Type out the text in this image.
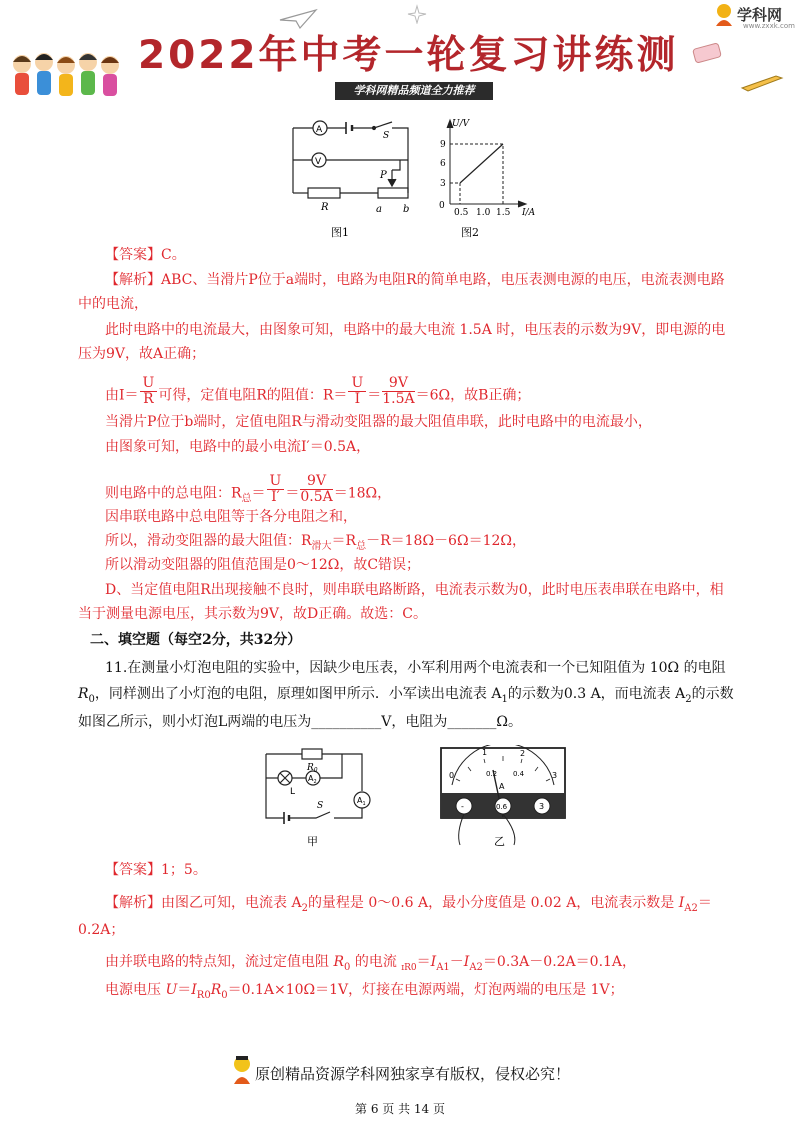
2022年中考一轮复习讲练测
学科网精品频道全力推荐
学科网
www.zxxk.com
A
V
S
R
P
a b
图1
U/V
I/A
0
3
6
9
0.5 1.0 1.5
图2
【答案】C。
【解析】ABC、当滑片P位于a端时，电路为电阻R的简单电路，电压表测电源的电压，电流表测电路
中的电流，
此时电路中的电流最大，由图象可知，电路中的最大电流 1.5A 时，电压表的示数为9V，即电源的电
压为9V，故A正确；
由$I= \frac{U}{R}$ 可得，定值电阻R的阻值：$R= \frac{U}{I} = \frac{9V}{1.5A} =6\Omega$，故B正确；
当滑片P位于b端时，定值电阻R与滑动变阻器的最大阻值串联，此时电路中的电流最小，
由图象可知，电路中的最小电流I′＝0.5A，
则电路中的总电阻：$R_总= \frac{U}{I'} = \frac{9V}{0.5A} =18\Omega$，
因串联电路中总电阻等于各分电阻之和，
所以，滑动变阻器的最大阻值：$R_{滑大}=R_总-R=18\Omega-6\Omega=12\Omega$，
所以滑动变阻器的阻值范围是0～12Ω，故C错误；
D、当定值电阻R出现接触不良时，则串联电路断路，电流表示数为0，此时电压表串联在电路中，相
当于测量电源电压，其示数为9V，故D正确。故选：C。
二、填空题（每空2分，共32分）
11.在测量小灯泡电阻的实验中，因缺少电压表，小军利用两个电流表和一个已知阻值为 10Ω 的电阻
$R_0$，同样测出了小灯泡的电阻，原理如图甲所示．小军读出电流表 $A_1$的示数为0.3 A，而电流表 $A_2$的示数
如图乙所示，则小灯泡L两端的电压为__________V，电阻为_______Ω。
$R_0$
L
$A_2$
$A_1$
S
甲
0
1	2
3
0.2 0.4
A
-	0.6	3
乙
【答案】1；5。
【解析】由图乙可知，电流表 $A_2$的量程是 0～0.6 A，最小分度值是 0.02 A，电流表示数是 $I_{A2}=$
0.2A；
由并联电路的特点知，流过定值电阻 $R_0$ 的电流 $_{ɪR0}=I_{A1}-I_{A2}=0.3A-0.2A=0.1A$，
电源电压 $U=I_{R0}R_0=0.1A\times 10\Omega=1V$，灯接在电源两端，灯泡两端的电压是 1V；
原创精品资源学科网独家享有版权，侵权必究！
第 6 页 共 14 页
